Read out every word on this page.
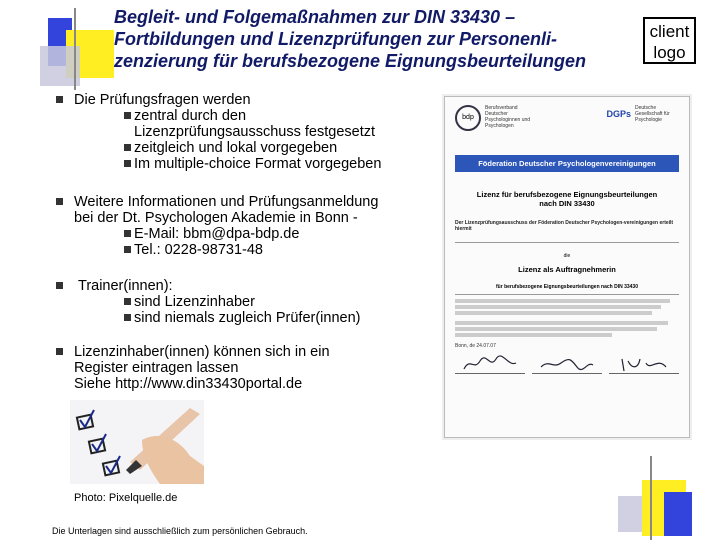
Begleit- und Folgemaßnahmen zur DIN 33430 –
Fortbildungen und Lizenzprüfungen zur Personenli-
zenzierung für berufsbezogene Eignungsbeurteilungen
client
logo
Die Prüfungsfragen werden
zentral durch den
Lizenzprüfungsausschuss festgesetzt
zeitgleich und lokal vorgegeben
Im multiple-choice Format vorgegeben
Weitere Informationen und Prüfungsanmeldung
bei der Dt. Psychologen Akademie in Bonn -
E-Mail: bbm@dpa-bdp.de
Tel.: 0228-98731-48
Trainer(innen):
sind Lizenzinhaber
sind niemals zugleich Prüfer(innen)
Lizenzinhaber(innen) können sich in ein
Register eintragen lassen
Siehe http://www.din33430portal.de
bdp
Berufsverband Deutscher Psychologinnen und Psychologen
DGPs
Deutsche Gesellschaft für Psychologie
Föderation Deutscher Psychologenvereinigungen
Lizenz für berufsbezogene Eignungsbeurteilungen
nach DIN 33430
Der Lizenzprüfungsausschuss der Föderation Deutscher Psychologen-vereinigungen erteilt hiermit
die
Lizenz als Auftragnehmerin
für berufsbezogene Eignungsbeurteilungen nach DIN 33430
Bonn, de 24.07.07
Photo: Pixelquelle.de
Die Unterlagen sind ausschließlich zum persönlichen Gebrauch.
